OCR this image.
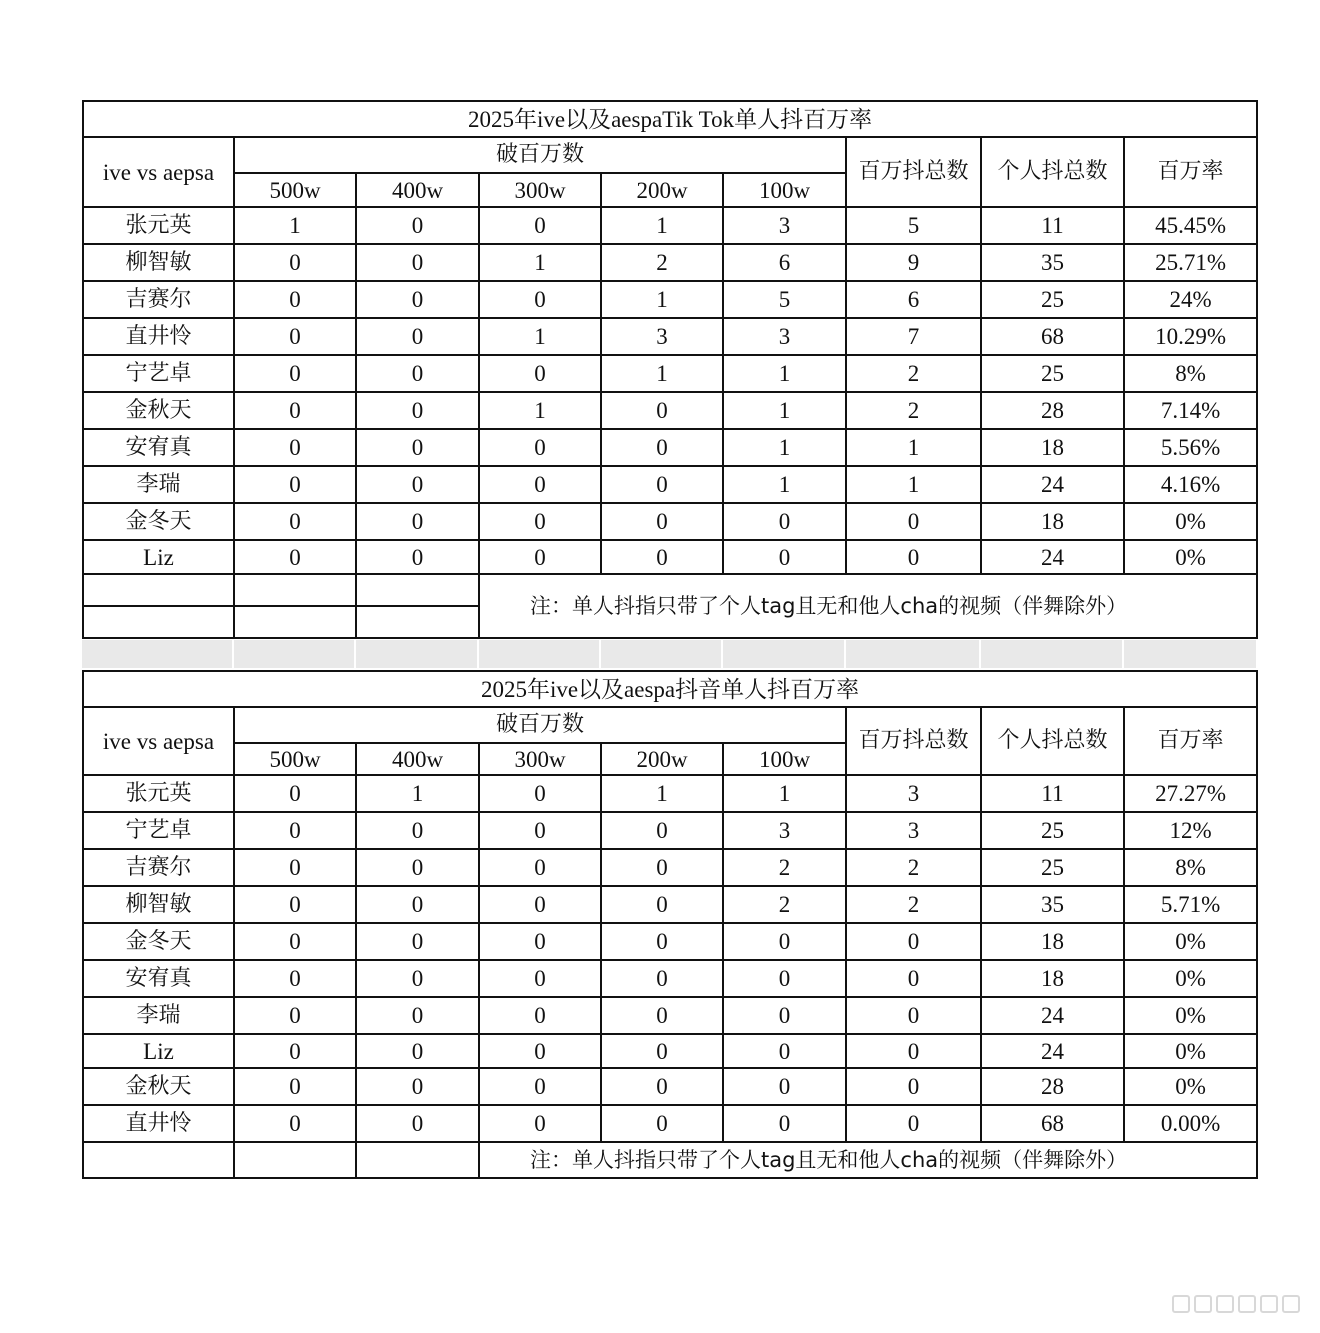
2025年ive以及aespaTik Tok单人抖百万率								
ive vs aepsa	破百万数					百万抖总数	个人抖总数	百万率
	500w	400w	300w	200w	100w			
张元英	1	0	0	1	3	5	11	45.45%
柳智敏	0	0	1	2	6	9	35	25.71%
吉赛尔	0	0	0	1	5	6	25	24%
直井怜	0	0	1	3	3	7	68	10.29%
宁艺卓	0	0	0	1	1	2	25	8%
金秋天	0	0	1	0	1	2	28	7.14%
安宥真	0	0	0	0	1	1	18	5.56%
李瑞	0	0	0	0	1	1	24	4.16%
金冬天	0	0	0	0	0	0	18	0%
Liz	0	0	0	0	0	0	24	0%
			注：单人抖指只带了个人tag且无和他人cha的视频（伴舞除外）					

2025年ive以及aespa抖音单人抖百万率								
ive vs aepsa	破百万数					百万抖总数	个人抖总数	百万率
	500w	400w	300w	200w	100w			
张元英	0	1	0	1	1	3	11	27.27%
宁艺卓	0	0	0	0	3	3	25	12%
吉赛尔	0	0	0	0	2	2	25	8%
柳智敏	0	0	0	0	2	2	35	5.71%
金冬天	0	0	0	0	0	0	18	0%
安宥真	0	0	0	0	0	0	18	0%
李瑞	0	0	0	0	0	0	24	0%
Liz	0	0	0	0	0	0	24	0%
金秋天	0	0	0	0	0	0	28	0%
直井怜	0	0	0	0	0	0	68	0.00%
			注：单人抖指只带了个人tag且无和他人cha的视频（伴舞除外）					
